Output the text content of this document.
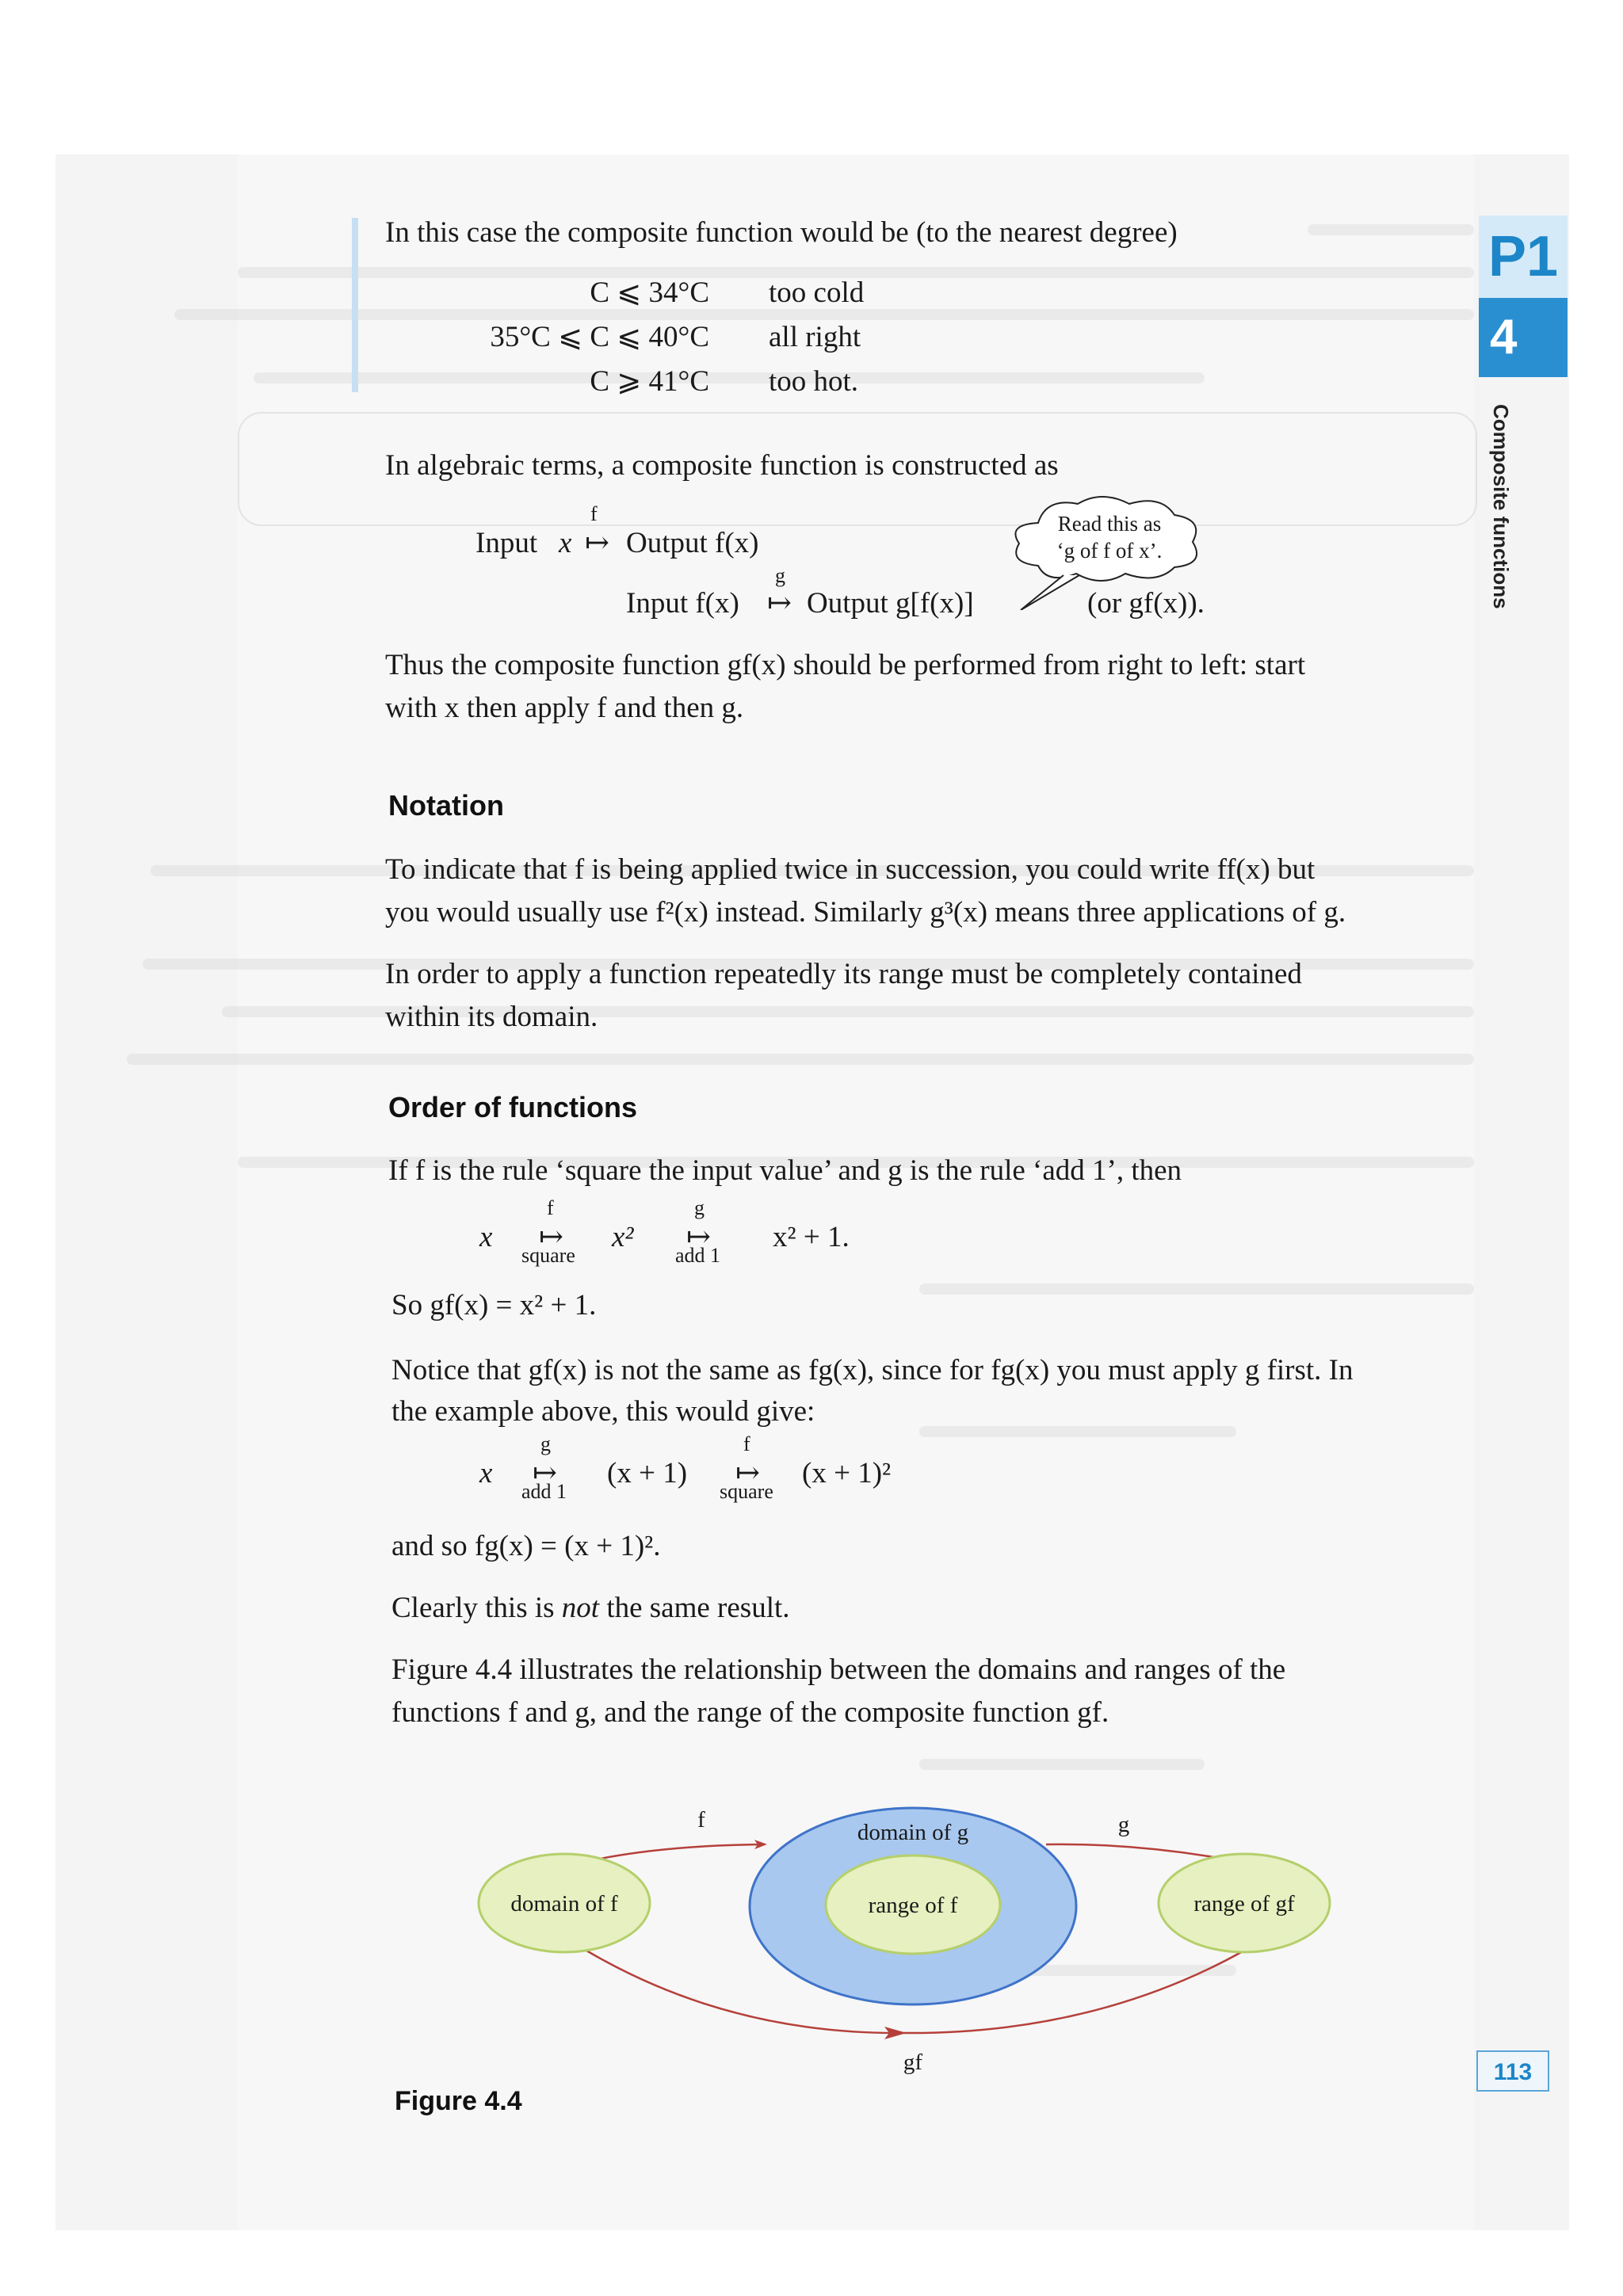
In this case the composite function would be (to the nearest degree)
C ⩽ 34°C too cold
35°C ⩽ C ⩽ 40°C all right
C ⩾ 41°C too hot.
In algebraic terms, a composite function is constructed as
Input x
f
↦ Output f(x)
Input f(x)
g
↦ Output g[f(x)]	(or gf(x)).
Read this as
‘g of f of x’.
Thus the composite function gf(x) should be performed from right to left: start
with x then apply f and then g.
Notation
To indicate that f is being applied twice in succession, you could write ff(x) but
you would usually use f²(x) instead. Similarly g³(x) means three applications of g.
In order to apply a function repeatedly its range must be completely contained
within its domain.
Order of functions
If f is the rule ‘square the input value’ and g is the rule ‘add 1’, then
x
f
↦
square
x²
g
↦
add 1
x² + 1.
So gf(x) = x² + 1.
Notice that gf(x) is not the same as fg(x), since for fg(x) you must apply g first. In
the example above, this would give:
x
g
↦
add 1
(x + 1)
f
↦
square
(x + 1)²
and so fg(x) = (x + 1)².
Clearly this is not the same result.
Figure 4.4 illustrates the relationship between the domains and ranges of the
functions f and g, and the range of the composite function gf.
domain of f
domain of g
range of f	range of gf
f	g
gf
Figure 4.4
P1
4
Composite functions
113
